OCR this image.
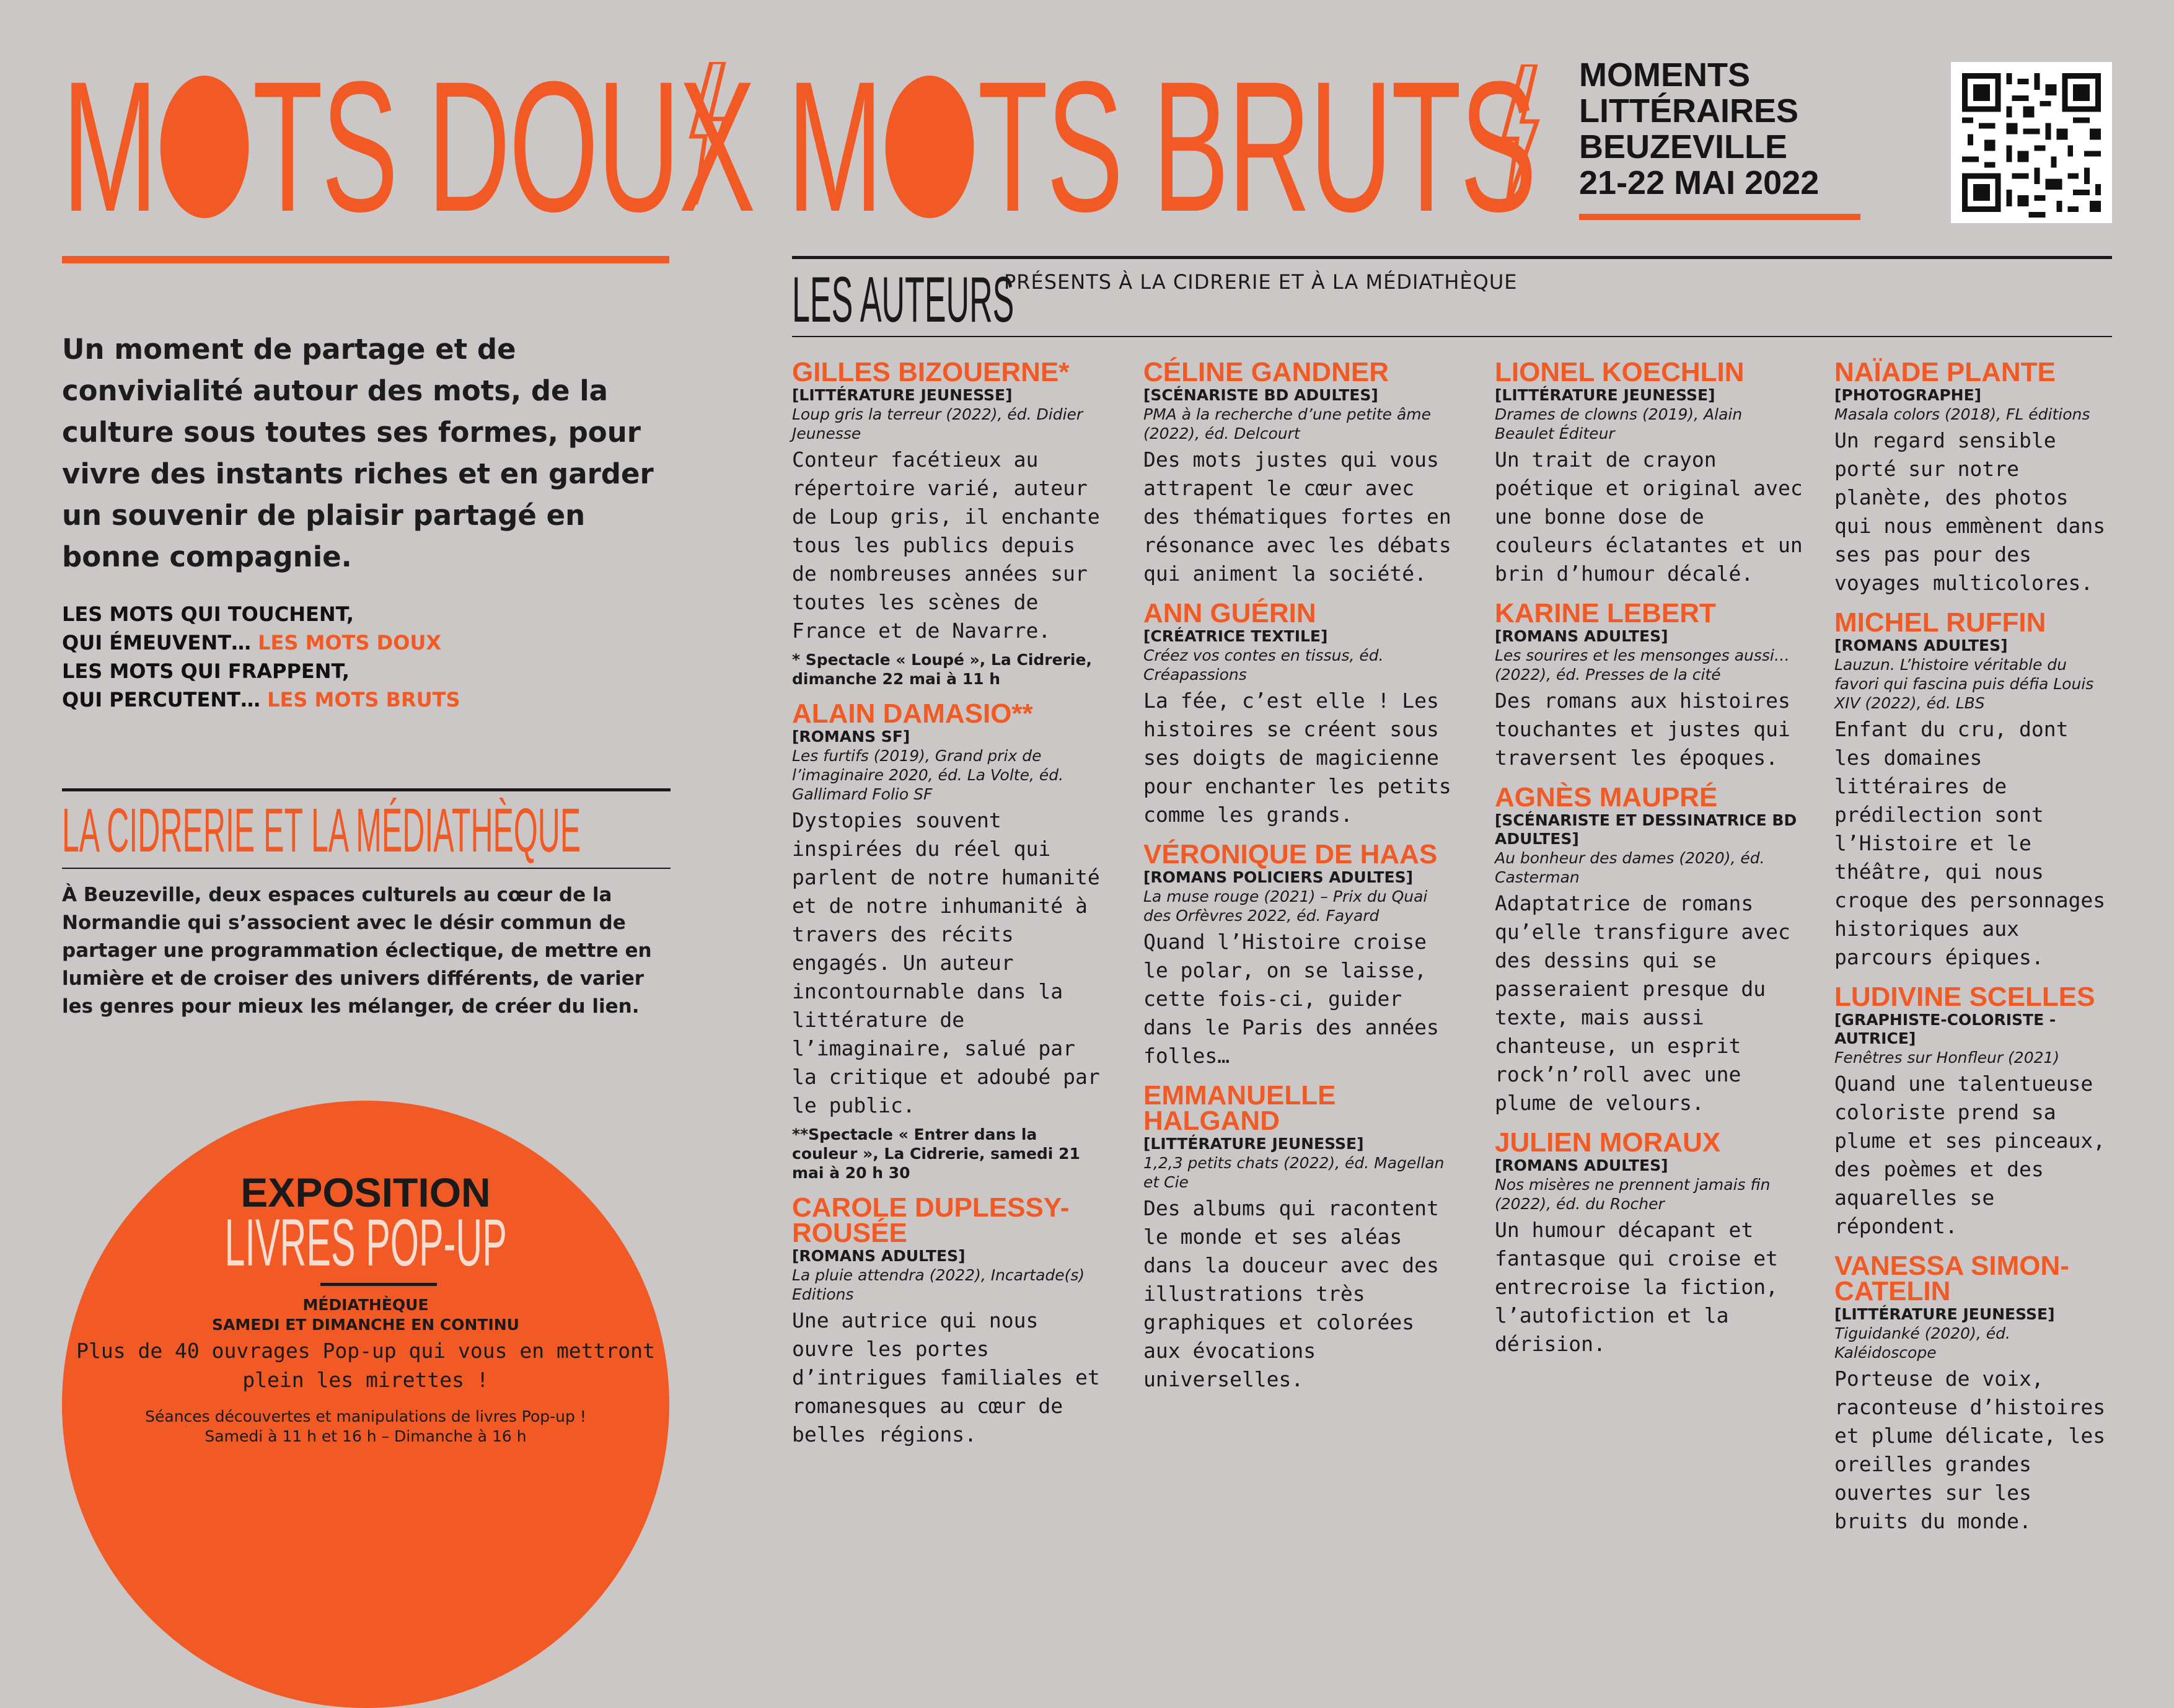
M TS DOUX M TS BRUTS MOMENTS
LITTÉRAIRES
BEUZEVILLE
21-22 MAI 2022
Un moment de partage et de convivialité autour des mots, de la culture sous toutes ses formes, pour vivre des instants riches et en garder un souvenir de plaisir partagé en bonne compagnie.
LES MOTS QUI TOUCHENT,
QUI ÉMEUVENT… LES MOTS DOUX
LES MOTS QUI FRAPPENT,
QUI PERCUTENT… LES MOTS BRUTS
LA CIDRERIE ET LA MÉDIATHÈQUE
À Beuzeville, deux espaces culturels au cœur de la Normandie qui s’associent avec le désir commun de partager une programmation éclectique, de mettre en lumière et de croiser des univers différents, de varier les genres pour mieux les mélanger, de créer du lien.
EXPOSITION
LIVRES POP-UP
MÉDIATHÈQUE
SAMEDI ET DIMANCHE EN CONTINU
Plus de 40 ouvrages Pop-up qui vous en mettront plein les mirettes !
Séances découvertes et manipulations de livres Pop-up !
Samedi à 11 h et 16 h – Dimanche à 16 h
LES AUTEURS
PRÉSENTS À LA CIDRERIE ET À LA MÉDIATHÈQUE
GILLES BIZOUERNE*
[LITTÉRATURE JEUNESSE]
Loup gris la terreur (2022), éd. Didier Jeunesse
Conteur facétieux au répertoire varié, auteur de Loup gris, il enchante tous les publics depuis de nombreuses années sur toutes les scènes de France et de Navarre.
* Spectacle « Loupé », La Cidrerie, dimanche 22 mai à 11 h
ALAIN DAMASIO**
[ROMANS SF]
Les furtifs (2019), Grand prix de l’imaginaire 2020, éd. La Volte, éd. Gallimard Folio SF
Dystopies souvent inspirées du réel qui parlent de notre humanité et de notre inhumanité à travers des récits engagés. Un auteur incontournable dans la littérature de l’imaginaire, salué par la critique et adoubé par le public.
**Spectacle « Entrer dans la couleur », La Cidrerie, samedi 21 mai à 20 h 30
CAROLE DUPLESSY-ROUSÉE
[ROMANS ADULTES]
La pluie attendra (2022), Incartade(s) Editions
Une autrice qui nous ouvre les portes d’intrigues familiales et romanesques au cœur de belles régions.
CÉLINE GANDNER
[SCÉNARISTE BD ADULTES]
PMA à la recherche d’une petite âme (2022), éd. Delcourt
Des mots justes qui vous attrapent le cœur avec des thématiques fortes en résonance avec les débats qui animent la société.
ANN GUÉRIN
[CRÉATRICE TEXTILE]
Créez vos contes en tissus, éd. Créapassions
La fée, c’est elle ! Les histoires se créent sous ses doigts de magicienne pour enchanter les petits comme les grands.
VÉRONIQUE DE HAAS
[ROMANS POLICIERS ADULTES]
La muse rouge (2021) – Prix du Quai des Orfèvres 2022, éd. Fayard
Quand l’Histoire croise le polar, on se laisse, cette fois-ci, guider dans le Paris des années folles…
EMMANUELLE HALGAND
[LITTÉRATURE JEUNESSE]
1,2,3 petits chats (2022), éd. Magellan et Cie
Des albums qui racontent le monde et ses aléas dans la douceur avec des illustrations très graphiques et colorées aux évocations universelles.
LIONEL KOECHLIN
[LITTÉRATURE JEUNESSE]
Drames de clowns (2019), Alain Beaulet Éditeur
Un trait de crayon poétique et original avec une bonne dose de couleurs éclatantes et un brin d’humour décalé.
KARINE LEBERT
[ROMANS ADULTES]
Les sourires et les mensonges aussi… (2022), éd. Presses de la cité
Des romans aux histoires touchantes et justes qui traversent les époques.
AGNÈS MAUPRÉ
[SCÉNARISTE ET DESSINATRICE BD ADULTES]
Au bonheur des dames (2020), éd. Casterman
Adaptatrice de romans qu’elle transfigure avec des dessins qui se passeraient presque du texte, mais aussi chanteuse, un esprit rock’n’roll avec une plume de velours.
JULIEN MORAUX
[ROMANS ADULTES]
Nos misères ne prennent jamais fin (2022), éd. du Rocher
Un humour décapant et fantasque qui croise et entrecroise la fiction, l’autofiction et la dérision.
NAÏADE PLANTE
[PHOTOGRAPHE]
Masala colors (2018), FL éditions
Un regard sensible porté sur notre planète, des photos qui nous emmènent dans ses pas pour des voyages multicolores.
MICHEL RUFFIN
[ROMANS ADULTES]
Lauzun. L’histoire véritable du favori qui fascina puis défia Louis XIV (2022), éd. LBS
Enfant du cru, dont les domaines littéraires de prédilection sont l’Histoire et le théâtre, qui nous croque des personnages historiques aux parcours épiques.
LUDIVINE SCELLES
[GRAPHISTE-COLORISTE - AUTRICE]
Fenêtres sur Honfleur (2021)
Quand une talentueuse coloriste prend sa plume et ses pinceaux, des poèmes et des aquarelles se répondent.
VANESSA SIMON-CATELIN
[LITTÉRATURE JEUNESSE]
Tiguidanké (2020), éd. Kaléidoscope
Porteuse de voix, raconteuse d’histoires et plume délicate, les oreilles grandes ouvertes sur les bruits du monde.
